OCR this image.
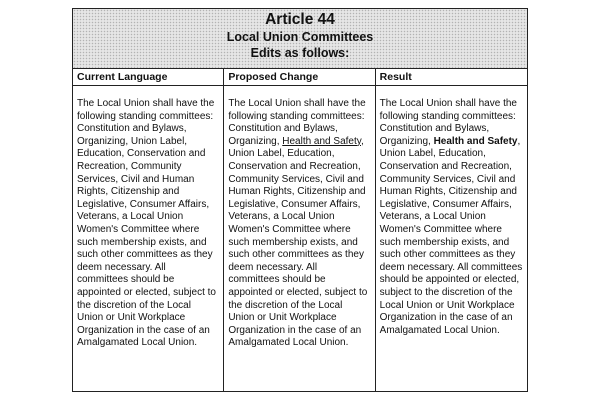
Article 44
Local Union Committees
Edits as follows:
Current Language
The Local Union shall have the following standing committees: Constitution and Bylaws, Organizing, Union Label, Education, Conservation and Recreation, Community Services, Civil and Human Rights, Citizenship and Legislative, Consumer Affairs, Veterans, a Local Union Women's Committee where such membership exists, and such other committees as they deem necessary. All committees should be appointed or elected, subject to the discretion of the Local Union or Unit Workplace Organization in the case of an Amalgamated Local Union.
Proposed Change
The Local Union shall have the following standing committees: Constitution and Bylaws, Organizing, Health and Safety, Union Label, Education, Conservation and Recreation, Community Services, Civil and Human Rights, Citizenship and Legislative, Consumer Affairs, Veterans, a Local Union Women's Committee where such membership exists, and such other committees as they deem necessary. All committees should be appointed or elected, subject to the discretion of the Local Union or Unit Workplace Organization in the case of an Amalgamated Local Union.
Result
The Local Union shall have the following standing committees: Constitution and Bylaws, Organizing, Health and Safety, Union Label, Education, Conservation and Recreation, Community Services, Civil and Human Rights, Citizenship and Legislative, Consumer Affairs, Veterans, a Local Union Women's Committee where such membership exists, and such other committees as they deem necessary. All committees should be appointed or elected, subject to the discretion of the Local Union or Unit Workplace Organization in the case of an Amalgamated Local Union.
